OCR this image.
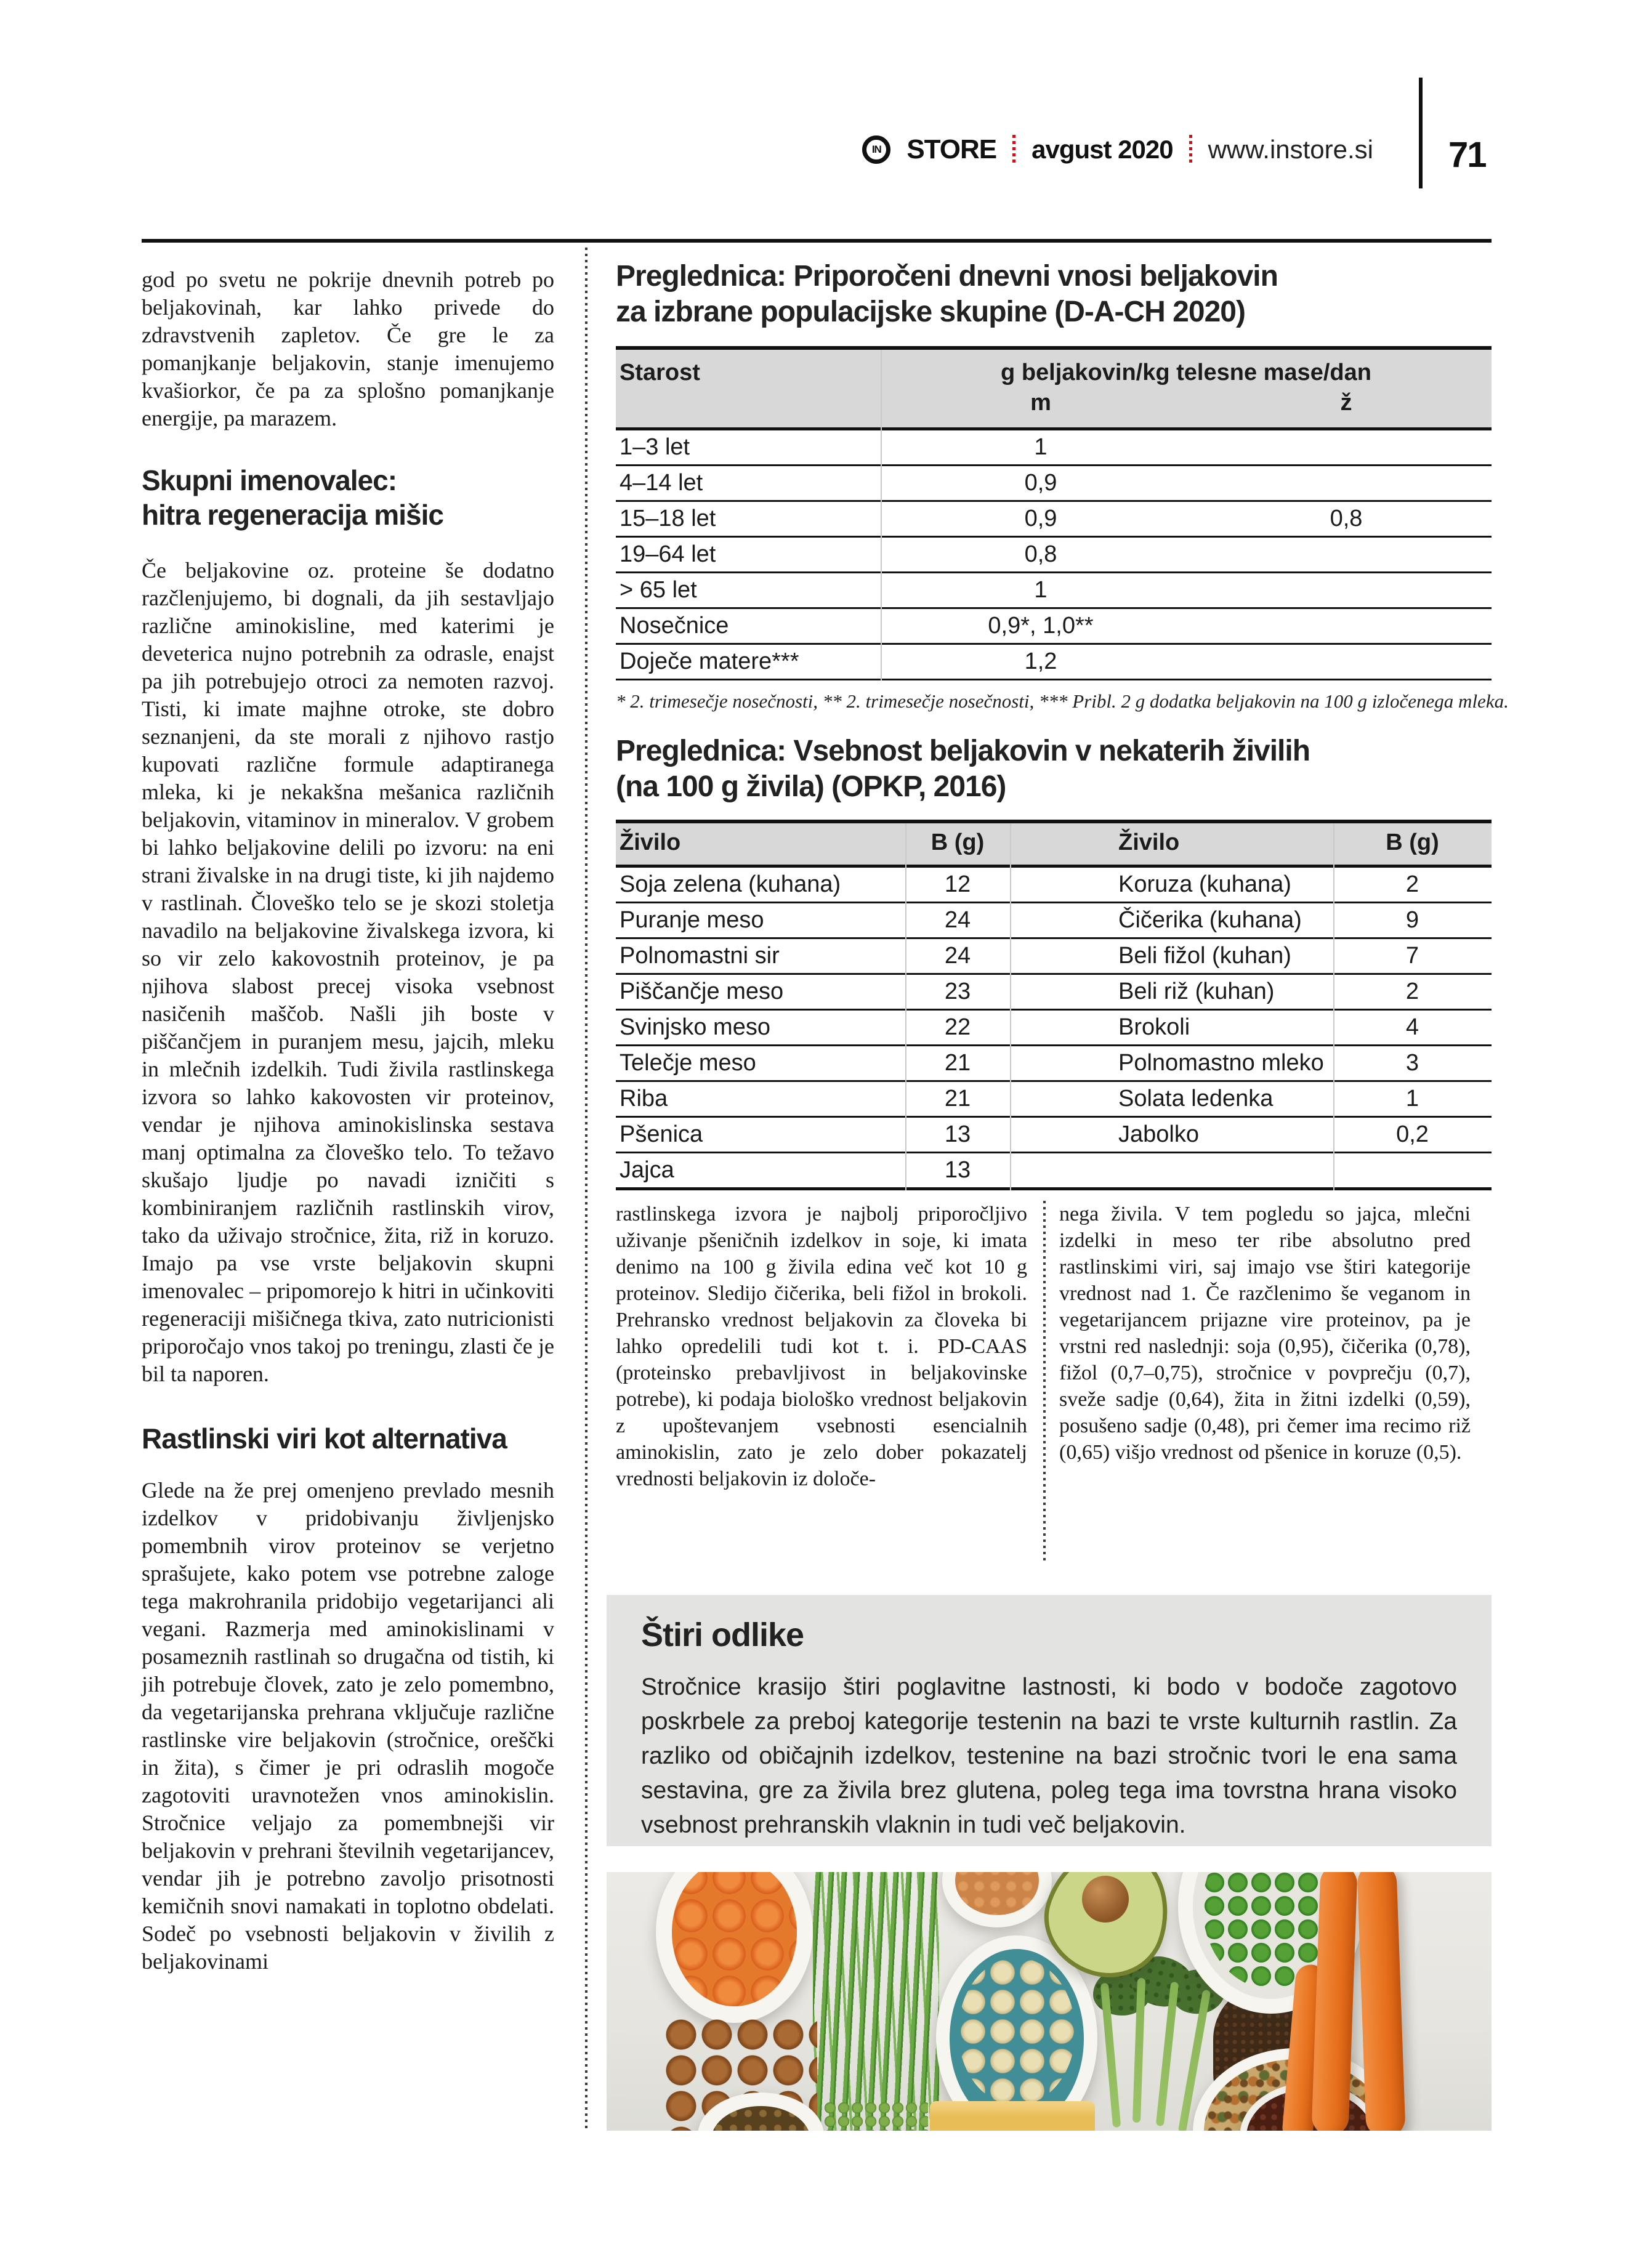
IN STORE avgust 2020 www.instore.si 71

god po svetu ne pokrije dnevnih potreb po beljakovinah, kar lahko privede do zdravstvenih zapletov. Če gre le za pomanjkanje beljakovin, stanje imenujemo kvašiorkor, če pa za splošno pomanjkanje energije, pa marazem.

Skupni imenovalec:
hitra regeneracija mišic

Če beljakovine oz. proteine še dodatno razčlenjujemo, bi dognali, da jih sestavljajo različne aminokisline, med katerimi je deveterica nujno potrebnih za odrasle, enajst pa jih potrebujejo otroci za nemoten razvoj. Tisti, ki imate majhne otroke, ste dobro seznanjeni, da ste morali z njihovo rastjo kupovati različne formule adaptiranega mleka, ki je nekakšna mešanica različnih beljakovin, vitaminov in mineralov. V grobem bi lahko beljakovine delili po izvoru: na eni strani živalske in na drugi tiste, ki jih najdemo v rastlinah. Človeško telo se je skozi stoletja navadilo na beljakovine živalskega izvora, ki so vir zelo kakovostnih proteinov, je pa njihova slabost precej visoka vsebnost nasičenih maščob. Našli jih boste v piščančjem in puranjem mesu, jajcih, mleku in mlečnih izdelkih. Tudi živila rastlinskega izvora so lahko kakovosten vir proteinov, vendar je njihova aminokislinska sestava manj optimalna za človeško telo. To težavo skušajo ljudje po navadi izničiti s kombiniranjem različnih rastlinskih virov, tako da uživajo stročnice, žita, riž in koruzo. Imajo pa vse vrste beljakovin skupni imenovalec – pripomorejo k hitri in učinkoviti regeneraciji mišičnega tkiva, zato nutricionisti priporočajo vnos takoj po treningu, zlasti če je bil ta naporen.

Rastlinski viri kot alternativa

Glede na že prej omenjeno prevlado mesnih izdelkov v pridobivanju življenjsko pomembnih virov proteinov se verjetno sprašujete, kako potem vse potrebne zaloge tega makrohranila pridobijo vegetarijanci ali vegani. Razmerja med aminokislinami v posameznih rastlinah so drugačna od tistih, ki jih potrebuje človek, zato je zelo pomembno, da vegetarijanska prehrana vključuje različne rastlinske vire beljakovin (stročnice, oreščki in žita), s čimer je pri odraslih mogoče zagotoviti uravnotežen vnos aminokislin. Stročnice veljajo za pomembnejši vir beljakovin v prehrani številnih vegetarijancev, vendar jih je potrebno zavoljo prisotnosti kemičnih snovi namakati in toplotno obdelati. Sodeč po vsebnosti beljakovin v živilih z beljakovinami

Preglednica: Priporočeni dnevni vnosi beljakovin
za izbrane populacijske skupine (D-A-CH 2020)
Starost	g beljakovin/kg telesne mase/dan
m	ž
1–3 let	1
4–14 let	0,9
15–18 let	0,9	0,8
19–64 let	0,8
> 65 let	1
Nosečnice	0,9*, 1,0**
Doječe matere***	1,2

* 2. trimesečje nosečnosti, ** 2. trimesečje nosečnosti, *** Pribl. 2 g dodatka beljakovin na 100 g izločenega mleka.

Preglednica: Vsebnost beljakovin v nekaterih živilih
(na 100 g živila) (OPKP, 2016)
Živilo	B (g)	Živilo	B (g)
Soja zelena (kuhana)	12	Koruza (kuhana)	2
Puranje meso	24	Čičerika (kuhana)	9
Polnomastni sir	24	Beli fižol (kuhan)	7
Piščančje meso	23	Beli riž (kuhan)	2
Svinjsko meso	22	Brokoli	4
Telečje meso	21	Polnomastno mleko	3
Riba	21	Solata ledenka	1
Pšenica	13	Jabolko	0,2
Jajca	13
rastlinskega izvora je najbolj priporočljivo uživanje pšeničnih izdelkov in soje, ki imata denimo na 100 g živila edina več kot 10 g proteinov. Sledijo čičerika, beli fižol in brokoli. Prehransko vrednost beljakovin za človeka bi lahko opredelili tudi kot t. i. PD-CAAS (proteinsko prebavljivost in beljakovinske potrebe), ki podaja biološko vrednost beljakovin z upoštevanjem vsebnosti esencialnih aminokislin, zato je zelo dober pokazatelj vrednosti beljakovin iz določe-
nega živila. V tem pogledu so jajca, mlečni izdelki in meso ter ribe absolutno pred rastlinskimi viri, saj imajo vse štiri kategorije vrednost nad 1. Če razčlenimo še veganom in vegetarijancem prijazne vire proteinov, pa je vrstni red naslednji: soja (0,95), čičerika (0,78), fižol (0,7–0,75), stročnice v povprečju (0,7), sveže sadje (0,64), žita in žitni izdelki (0,59), posušeno sadje (0,48), pri čemer ima recimo riž (0,65) višjo vrednost od pšenice in koruze (0,5).
Štiri odlike

Stročnice krasijo štiri poglavitne lastnosti, ki bodo v bodoče zagotovo poskrbele za preboj kategorije testenin na bazi te vrste kulturnih rastlin. Za razliko od običajnih izdelkov, testenine na bazi stročnic tvori le ena sama sestavina, gre za živila brez glutena, poleg tega ima tovrstna hrana visoko vsebnost prehranskih vlaknin in tudi več beljakovin.
